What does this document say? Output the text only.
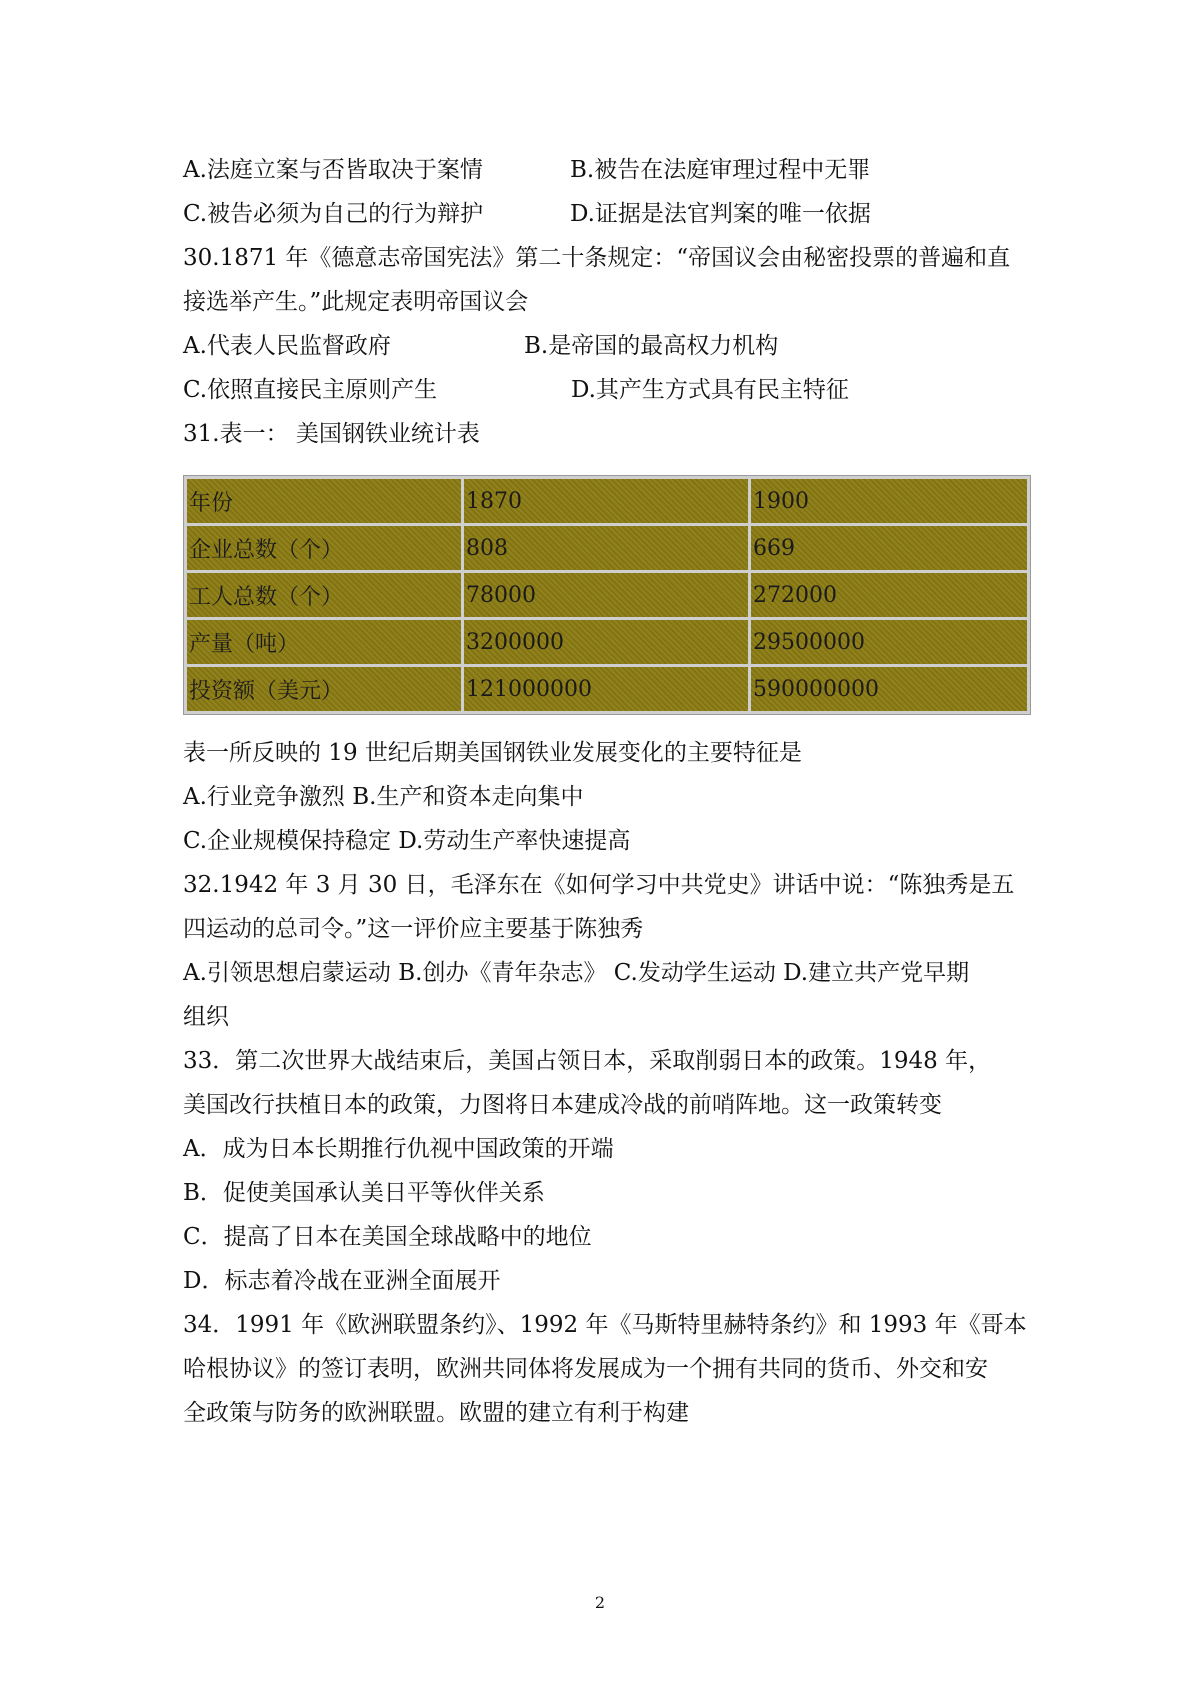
A.法庭立案与否皆取决于案情	B.被告在法庭审理过程中无罪
C.被告必须为自己的行为辩护	D.证据是法官判案的唯一依据
30.1871 年《德意志帝国宪法》第二十条规定：“帝国议会由秘密投票的普遍和直
接选举产生。”此规定表明帝国议会
A.代表人民监督政府	B.是帝国的最高权力机构
C.依照直接民主原则产生	D.其产生方式具有民主特征
31.表一： 美国钢铁业统计表
年份	1870	1900
企业总数（个）	808	669
工人总数（个）	78000	272000
产量（吨）	3200000	29500000
投资额（美元）	121000000	590000000
表一所反映的 19 世纪后期美国钢铁业发展变化的主要特征是
A.行业竞争激烈 B.生产和资本走向集中
C.企业规模保持稳定 D.劳动生产率快速提高
32.1942 年 3 月 30 日，毛泽东在《如何学习中共党史》讲话中说：“陈独秀是五
四运动的总司令。”这一评价应主要基于陈独秀
A.引领思想启蒙运动 B.创办《青年杂志》 C.发动学生运动 D.建立共产党早期
组织
33．第二次世界大战结束后，美国占领日本，采取削弱日本的政策。1948 年，
美国改行扶植日本的政策，力图将日本建成冷战的前哨阵地。这一政策转变
A．成为日本长期推行仇视中国政策的开端
B．促使美国承认美日平等伙伴关系
C．提高了日本在美国全球战略中的地位
D．标志着冷战在亚洲全面展开
34．1991 年《欧洲联盟条约》、1992 年《马斯特里赫特条约》和 1993 年《哥本
哈根协议》的签订表明，欧洲共同体将发展成为一个拥有共同的货币、外交和安
全政策与防务的欧洲联盟。欧盟的建立有利于构建
2
